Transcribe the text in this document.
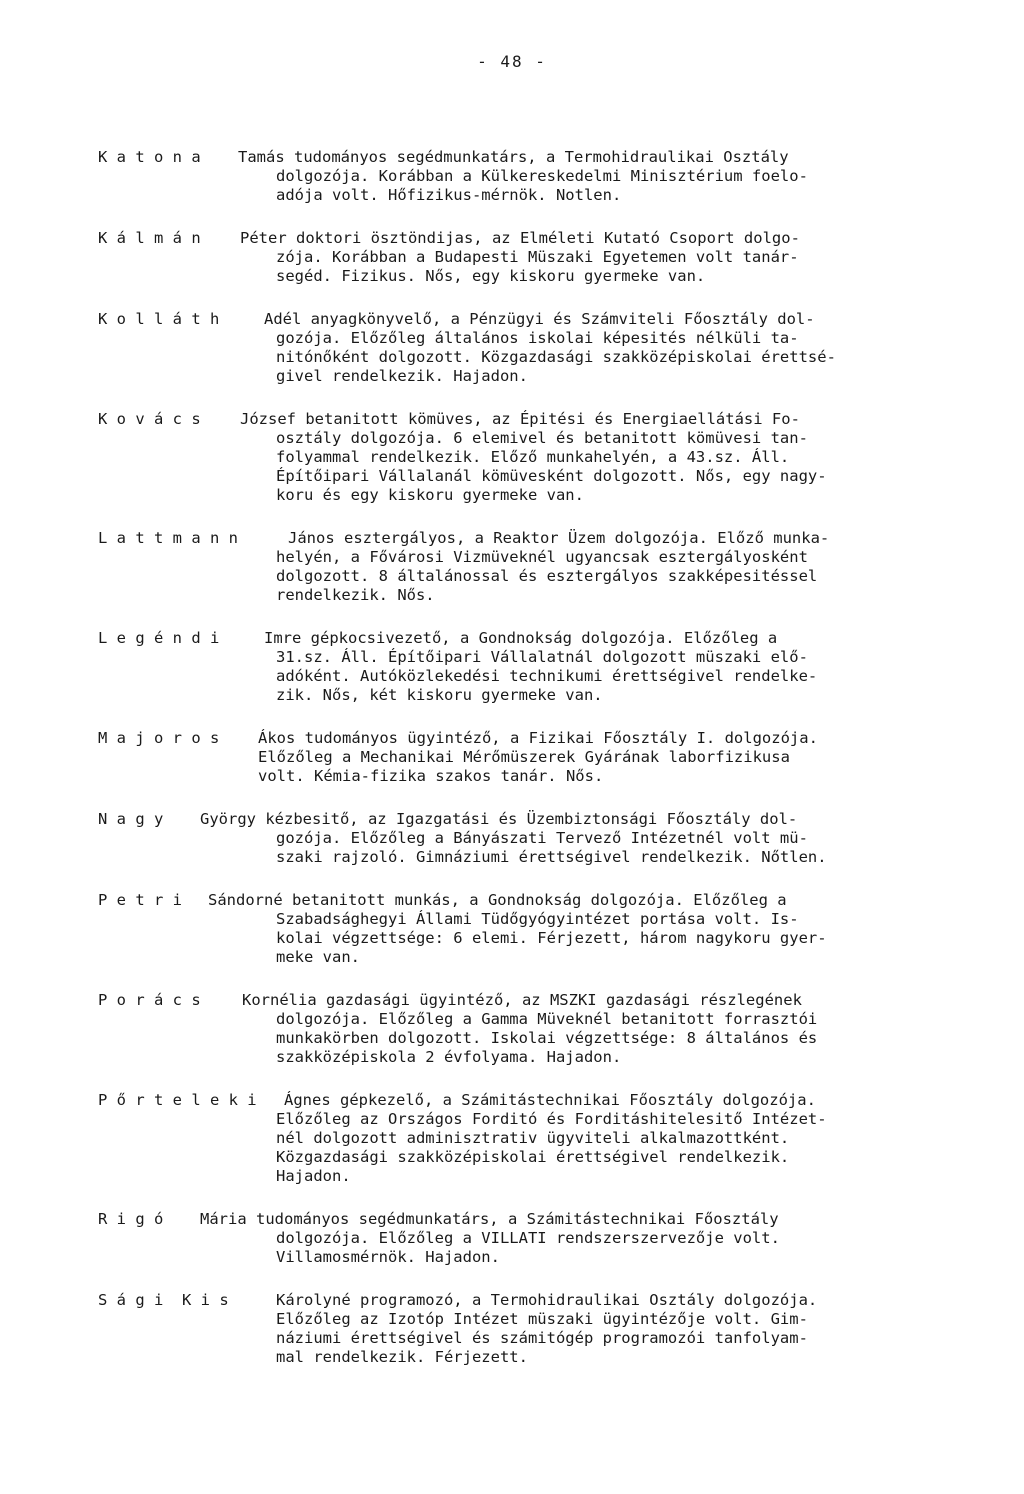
- 48 -
K a t o n a	Tamás tudományos segédmunkatárs, a Termohidraulikai Osztály
dolgozója. Korábban a Külkereskedelmi Minisztérium foelo-
adója volt. Hőfizikus-mérnök. Notlen.
K á l m á n	Péter doktori ösztöndijas, az Elméleti Kutató Csoport dolgo-
zója. Korábban a Budapesti Müszaki Egyetemen volt tanár-
segéd. Fizikus. Nős, egy kiskoru gyermeke van.
K o l l á t h	Adél anyagkönyvelő, a Pénzügyi és Számviteli Főosztály dol-
gozója. Előzőleg általános iskolai képesités nélküli ta-
nitónőként dolgozott. Közgazdasági szakközépiskolai érettsé-
givel rendelkezik. Hajadon.
K o v á c s	József betanitott kömüves, az Épitési és Energiaellátási Fo-
osztály dolgozója. 6 elemivel és betanitott kömüvesi tan-
folyammal rendelkezik. Előző munkahelyén, a 43.sz. Áll.
Építőipari Vállalanál kömüvesként dolgozott. Nős, egy nagy-
koru és egy kiskoru gyermeke van.
L a t t m a n n	János esztergályos, a Reaktor Üzem dolgozója. Előző munka-
helyén, a Fővárosi Vizmüveknél ugyancsak esztergályosként
dolgozott. 8 általánossal és esztergályos szakképesitéssel
rendelkezik. Nős.
L e g é n d i	Imre gépkocsivezető, a Gondnokság dolgozója. Előzőleg a
31.sz. Áll. Építőipari Vállalatnál dolgozott müszaki elő-
adóként. Autóközlekedési technikumi érettségivel rendelke-
zik. Nős, két kiskoru gyermeke van.
M a j o r o s	Ákos tudományos ügyintéző, a Fizikai Főosztály I. dolgozója.
Előzőleg a Mechanikai Mérőmüszerek Gyárának laborfizikusa
volt. Kémia-fizika szakos tanár. Nős.
N a g y	György kézbesitő, az Igazgatási és Üzembiztonsági Főosztály dol-
gozója. Előzőleg a Bányászati Tervező Intézetnél volt mü-
szaki rajzoló. Gimnáziumi érettségivel rendelkezik. Nőtlen.
P e t r i	Sándorné betanitott munkás, a Gondnokság dolgozója. Előzőleg a
Szabadsághegyi Állami Tüdőgyógyintézet portása volt. Is-
kolai végzettsége: 6 elemi. Férjezett, három nagykoru gyer-
meke van.
P o r á c s	Kornélia gazdasági ügyintéző, az MSZKI gazdasági részlegének
dolgozója. Előzőleg a Gamma Müveknél betanitott forrasztói
munkakörben dolgozott. Iskolai végzettsége: 8 általános és
szakközépiskola 2 évfolyama. Hajadon.
P ő r t e l e k i	Ágnes gépkezelő, a Számitástechnikai Főosztály dolgozója.
Előzőleg az Országos Forditó és Forditáshitelesitő Intézet-
nél dolgozott adminisztrativ ügyviteli alkalmazottként.
Közgazdasági szakközépiskolai érettségivel rendelkezik.
Hajadon.
R i g ó	Mária tudományos segédmunkatárs, a Számitástechnikai Főosztály
dolgozója. Előzőleg a VILLATI rendszerszervezője volt.
Villamosmérnök. Hajadon.
S á g i  K i s	Károlyné programozó, a Termohidraulikai Osztály dolgozója.
Előzőleg az Izotóp Intézet müszaki ügyintézője volt. Gim-
náziumi érettségivel és számitógép programozói tanfolyam-
mal rendelkezik. Férjezett.
